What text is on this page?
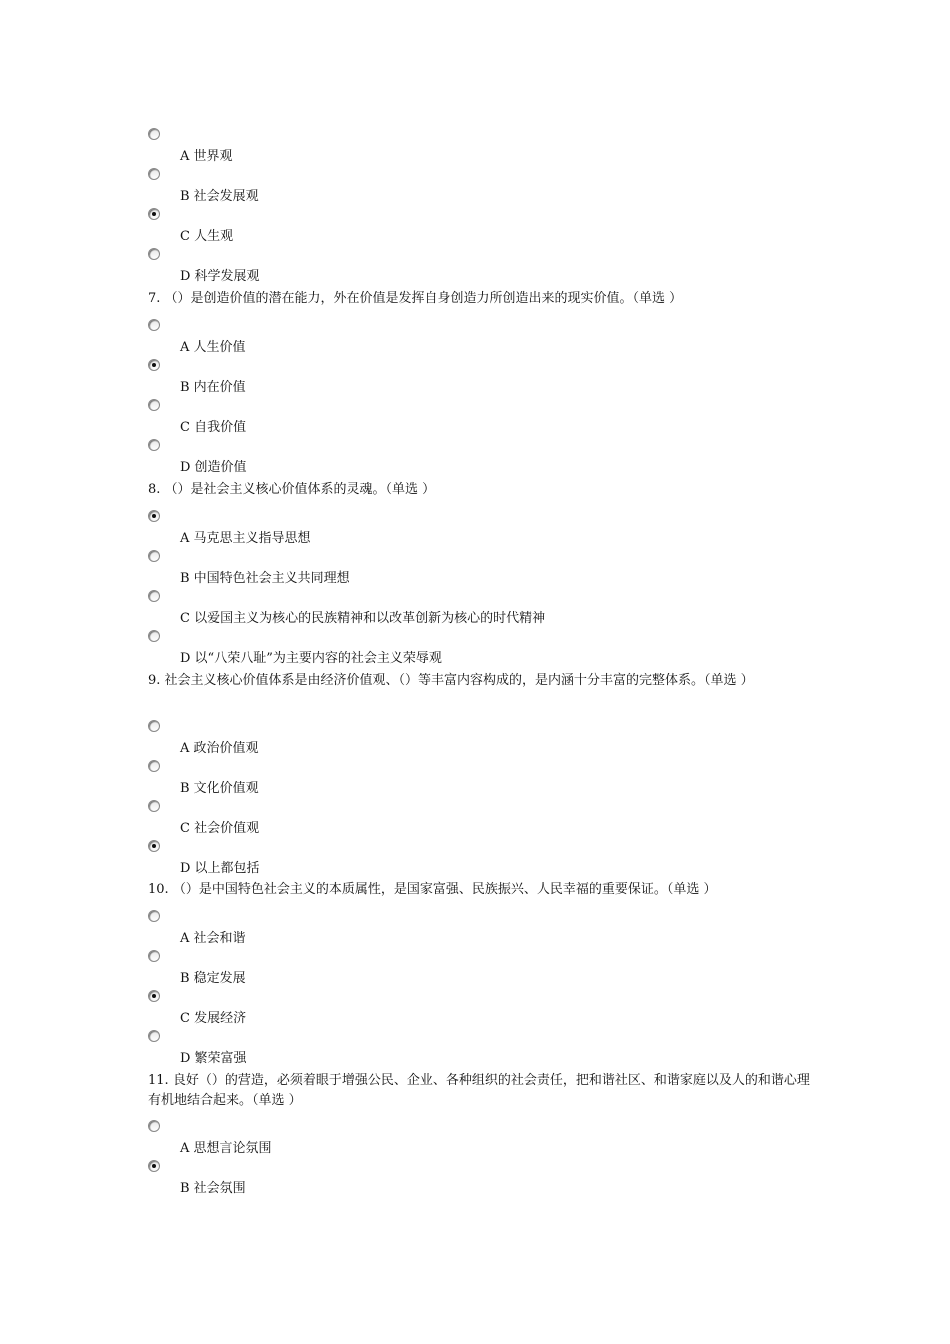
A 世界观
B 社会发展观
C 人生观
D 科学发展观
7. （）是创造价值的潜在能力，外在价值是发挥自身创造力所创造出来的现实价值。（单选 ）
A 人生价值
B 内在价值
C 自我价值
D 创造价值
8. （）是社会主义核心价值体系的灵魂。（单选 ）
A 马克思主义指导思想
B 中国特色社会主义共同理想
C 以爱国主义为核心的民族精神和以改革创新为核心的时代精神
D 以“八荣八耻”为主要内容的社会主义荣辱观
9. 社会主义核心价值体系是由经济价值观、（）等丰富内容构成的，是内涵十分丰富的完整体系。（单选 ）
A 政治价值观
B 文化价值观
C 社会价值观
D 以上都包括
10. （）是中国特色社会主义的本质属性，是国家富强、民族振兴、人民幸福的重要保证。（单选 ）
A 社会和谐
B 稳定发展
C 发展经济
D 繁荣富强
11. 良好（）的营造，必须着眼于增强公民、企业、各种组织的社会责任，把和谐社区、和谐家庭以及人的和谐心理有机地结合起来。（单选 ）
A 思想言论氛围
B 社会氛围
